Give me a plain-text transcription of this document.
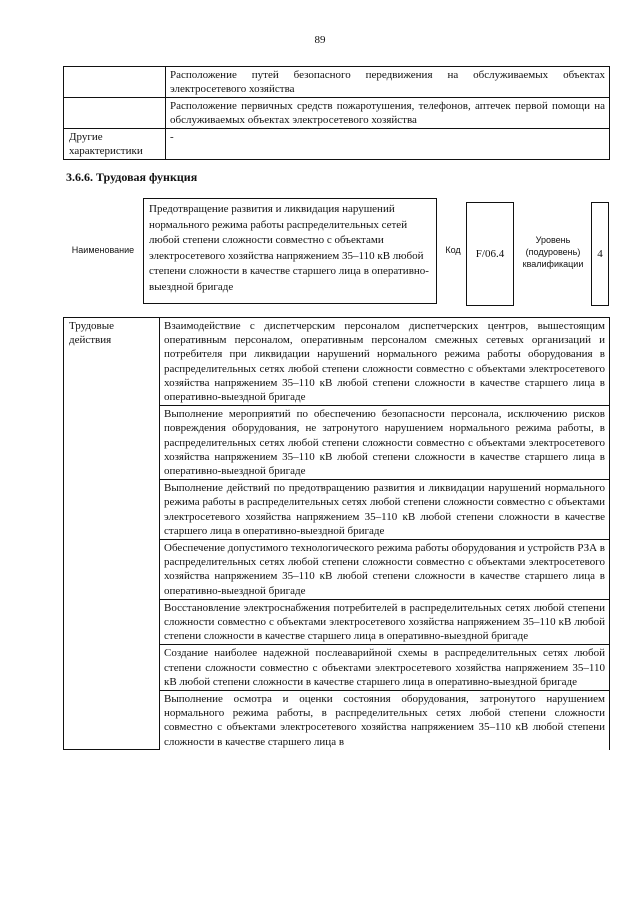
89
	Расположение путей безопасного передвижения на обслуживаемых объектах электросетевого хозяйства
	Расположение первичных средств пожаротушения, телефонов, аптечек первой помощи на обслуживаемых объектах электросетевого хозяйства
Другие характеристики	-
3.6.6. Трудовая функция
Наименование
Предотвращение развития и ликвидация нарушений нормального режима работы распределительных сетей любой степени сложности совместно с объектами электросетевого хозяйства напряжением 35–110 кВ любой степени сложности в качестве старшего лица в оперативно-выездной бригаде
Код	F/06.4
Уровень (подуровень) квалификации
4
Трудовые действия	Взаимодействие с диспетчерским персоналом диспетчерских центров, вышестоящим оперативным персоналом, оперативным персоналом смежных сетевых организаций и потребителя при ликвидации нарушений нормального режима работы оборудования в распределительных сетях любой степени сложности совместно с объектами электросетевого хозяйства напряжением 35–110 кВ любой степени сложности в качестве старшего лица в оперативно-выездной бригаде
Выполнение мероприятий по обеспечению безопасности персонала, исключению рисков повреждения оборудования, не затронутого нарушением нормального режима работы, в распределительных сетях любой степени сложности совместно с объектами электросетевого хозяйства напряжением 35–110 кВ любой степени сложности в качестве старшего лица в оперативно-выездной бригаде
Выполнение действий по предотвращению развития и ликвидации нарушений нормального режима работы в распределительных сетях любой степени сложности совместно с объектами электросетевого хозяйства напряжением 35–110 кВ любой степени сложности в качестве старшего лица в оперативно-выездной бригаде
Обеспечение допустимого технологического режима работы оборудования и устройств РЗА в распределительных сетях любой степени сложности совместно с объектами электросетевого хозяйства напряжением 35–110 кВ любой степени сложности в качестве старшего лица в оперативно-выездной бригаде
Восстановление электроснабжения потребителей в распределительных сетях любой степени сложности совместно с объектами электросетевого хозяйства напряжением 35–110 кВ любой степени сложности в качестве старшего лица в оперативно-выездной бригаде
Создание наиболее надежной послеаварийной схемы в распределительных сетях любой степени сложности совместно с объектами электросетевого хозяйства напряжением 35–110 кВ любой степени сложности в качестве старшего лица в оперативно-выездной бригаде
Выполнение осмотра и оценки состояния оборудования, затронутого нарушением нормального режима работы, в распределительных сетях любой степени сложности совместно с объектами электросетевого хозяйства напряжением 35–110 кВ любой степени сложности в качестве старшего лица в
